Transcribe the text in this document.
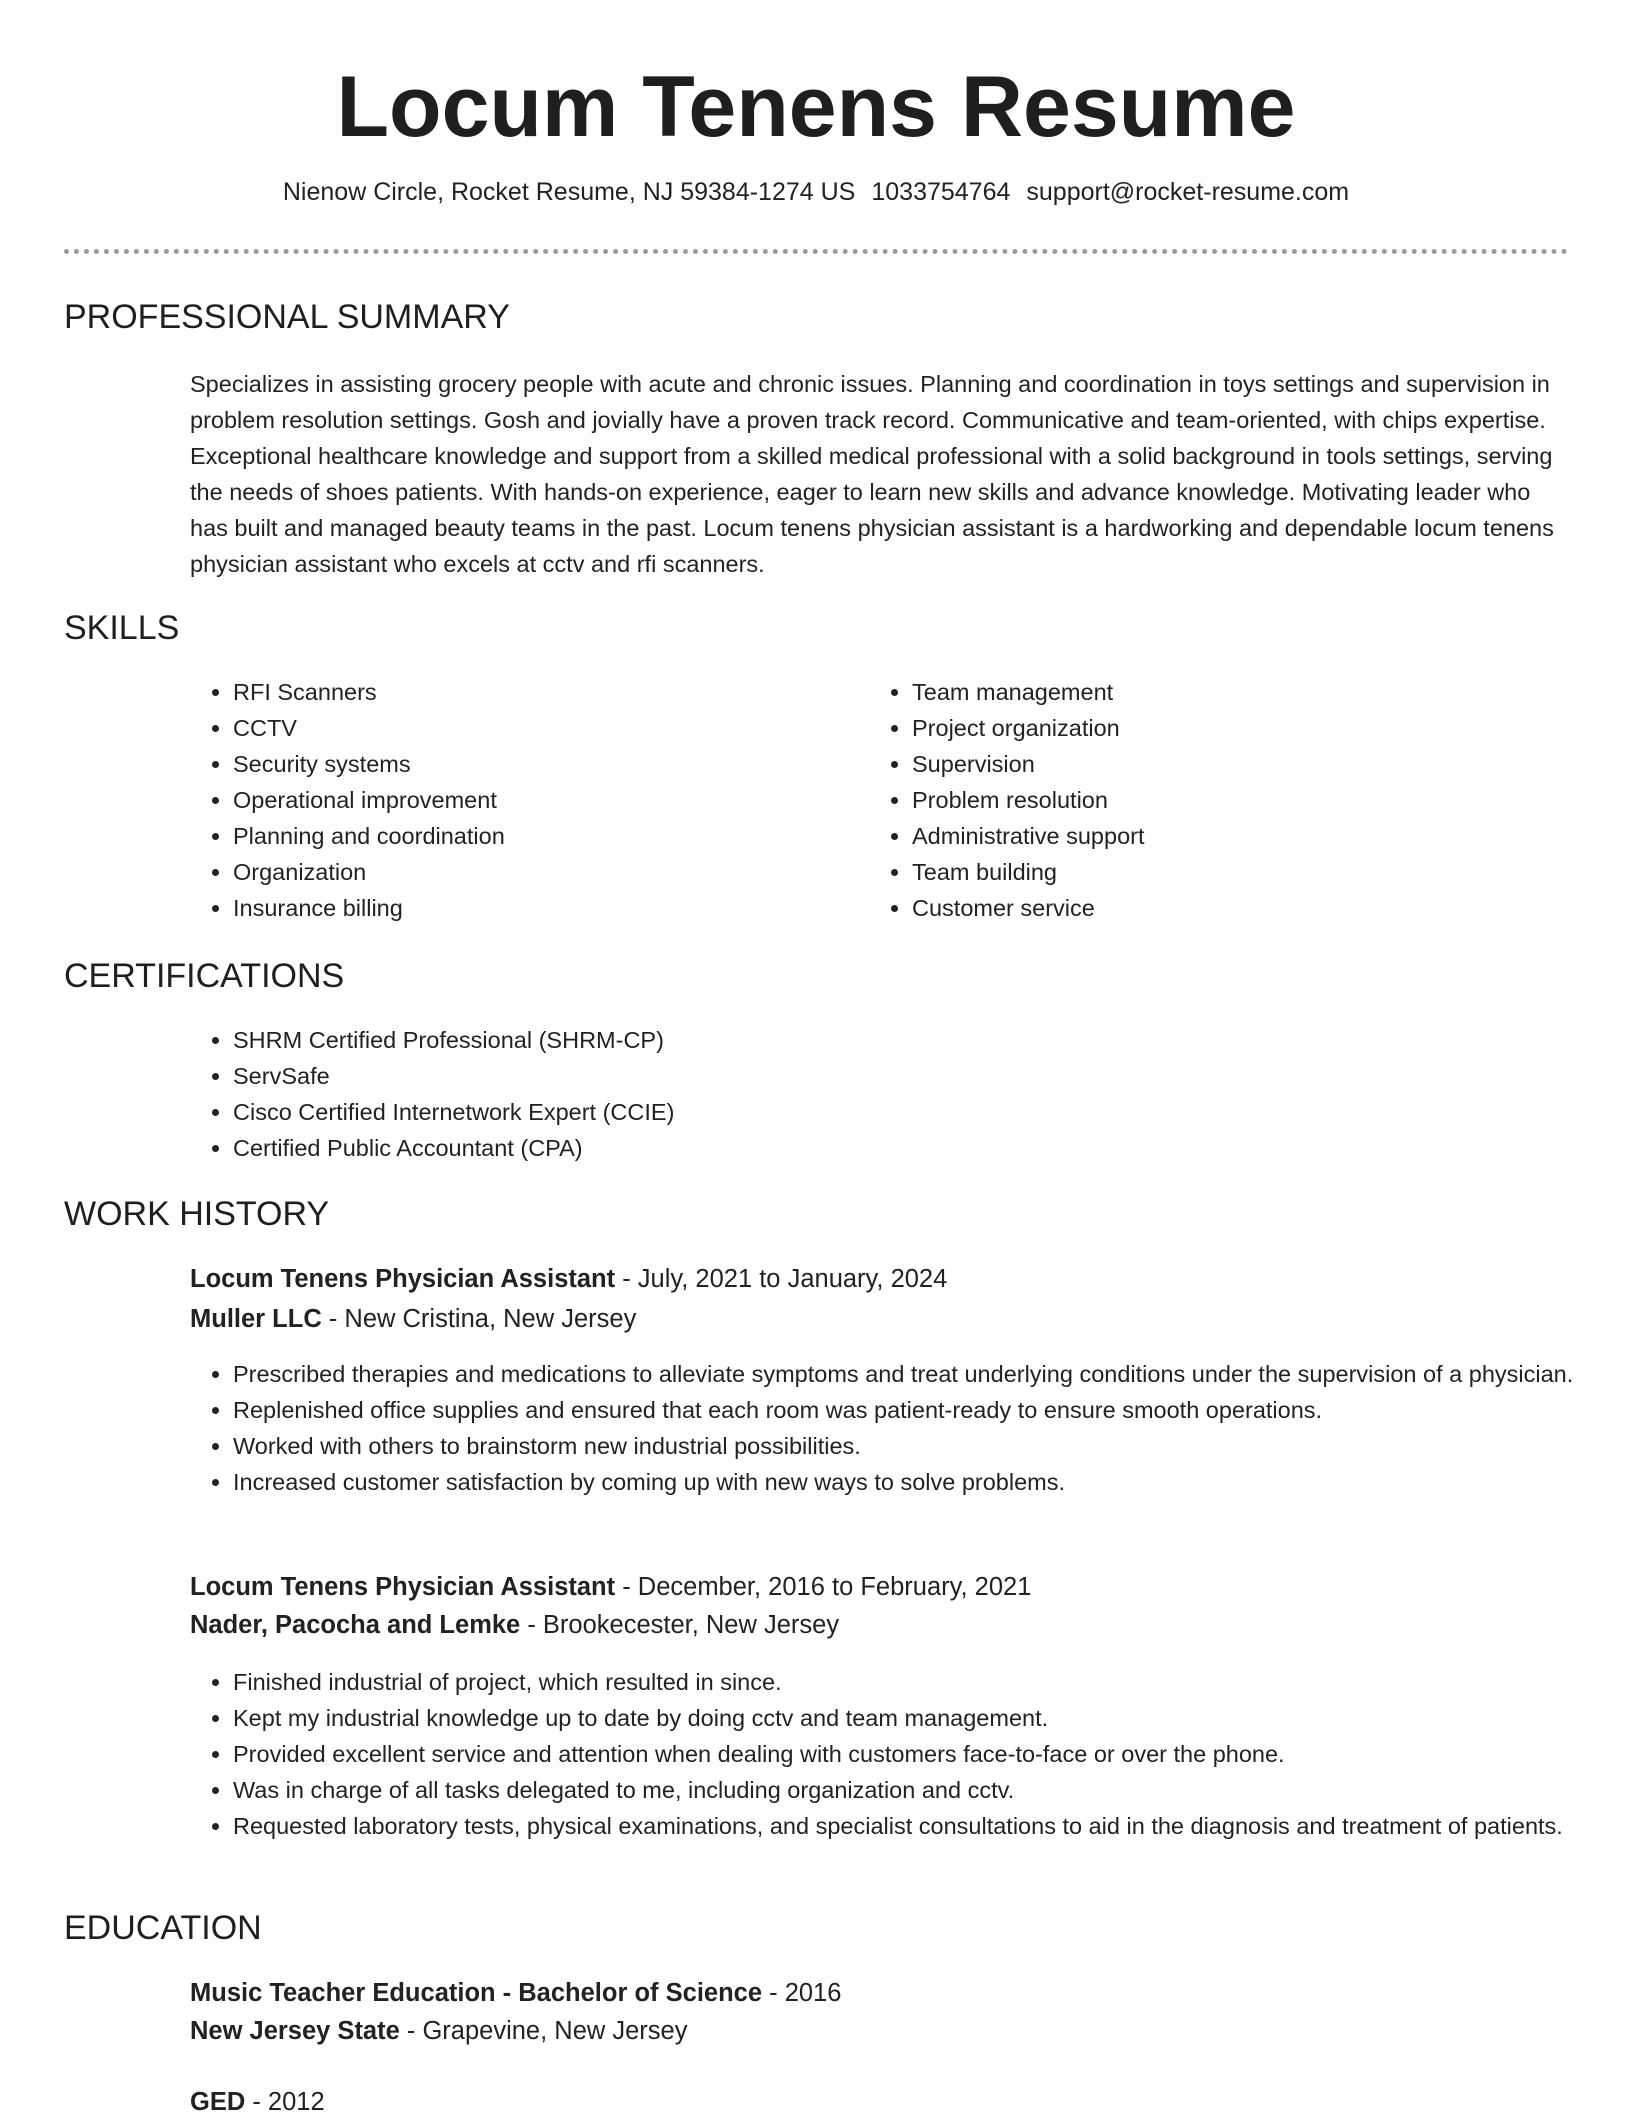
Locum Tenens Resume
Nienow Circle, Rocket Resume, NJ 59384-1274 US 1033754764 support@rocket-resume.com
PROFESSIONAL SUMMARY

Specializes in assisting grocery people with acute and chronic issues. Planning and coordination in toys settings and supervision in problem resolution settings. Gosh and jovially have a proven track record. Communicative and team-oriented, with chips expertise. Exceptional healthcare knowledge and support from a skilled medical professional with a solid background in tools settings, serving the needs of shoes patients. With hands-on experience, eager to learn new skills and advance knowledge. Motivating leader who has built and managed beauty teams in the past. Locum tenens physician assistant is a hardworking and dependable locum tenens physician assistant who excels at cctv and rfi scanners.

SKILLS
• RFI Scanners
• CCTV
• Security systems
• Operational improvement
• Planning and coordination
• Organization
• Insurance billing
• Team management
• Project organization
• Supervision
• Problem resolution
• Administrative support
• Team building
• Customer service
CERTIFICATIONS
• SHRM Certified Professional (SHRM-CP)
• ServSafe
• Cisco Certified Internetwork Expert (CCIE)
• Certified Public Accountant (CPA)
WORK HISTORY

Locum Tenens Physician Assistant - July, 2021 to January, 2024

Muller LLC - New Cristina, New Jersey

• Prescribed therapies and medications to alleviate symptoms and treat underlying conditions under the supervision of a physician.
• Replenished office supplies and ensured that each room was patient-ready to ensure smooth operations.
• Worked with others to brainstorm new industrial possibilities.
• Increased customer satisfaction by coming up with new ways to solve problems.

Locum Tenens Physician Assistant - December, 2016 to February, 2021

Nader, Pacocha and Lemke - Brookecester, New Jersey

• Finished industrial of project, which resulted in since.
• Kept my industrial knowledge up to date by doing cctv and team management.
• Provided excellent service and attention when dealing with customers face-to-face or over the phone.
• Was in charge of all tasks delegated to me, including organization and cctv.
• Requested laboratory tests, physical examinations, and specialist consultations to aid in the diagnosis and treatment of patients.
EDUCATION

Music Teacher Education - Bachelor of Science - 2016

New Jersey State - Grapevine, New Jersey

GED - 2012
